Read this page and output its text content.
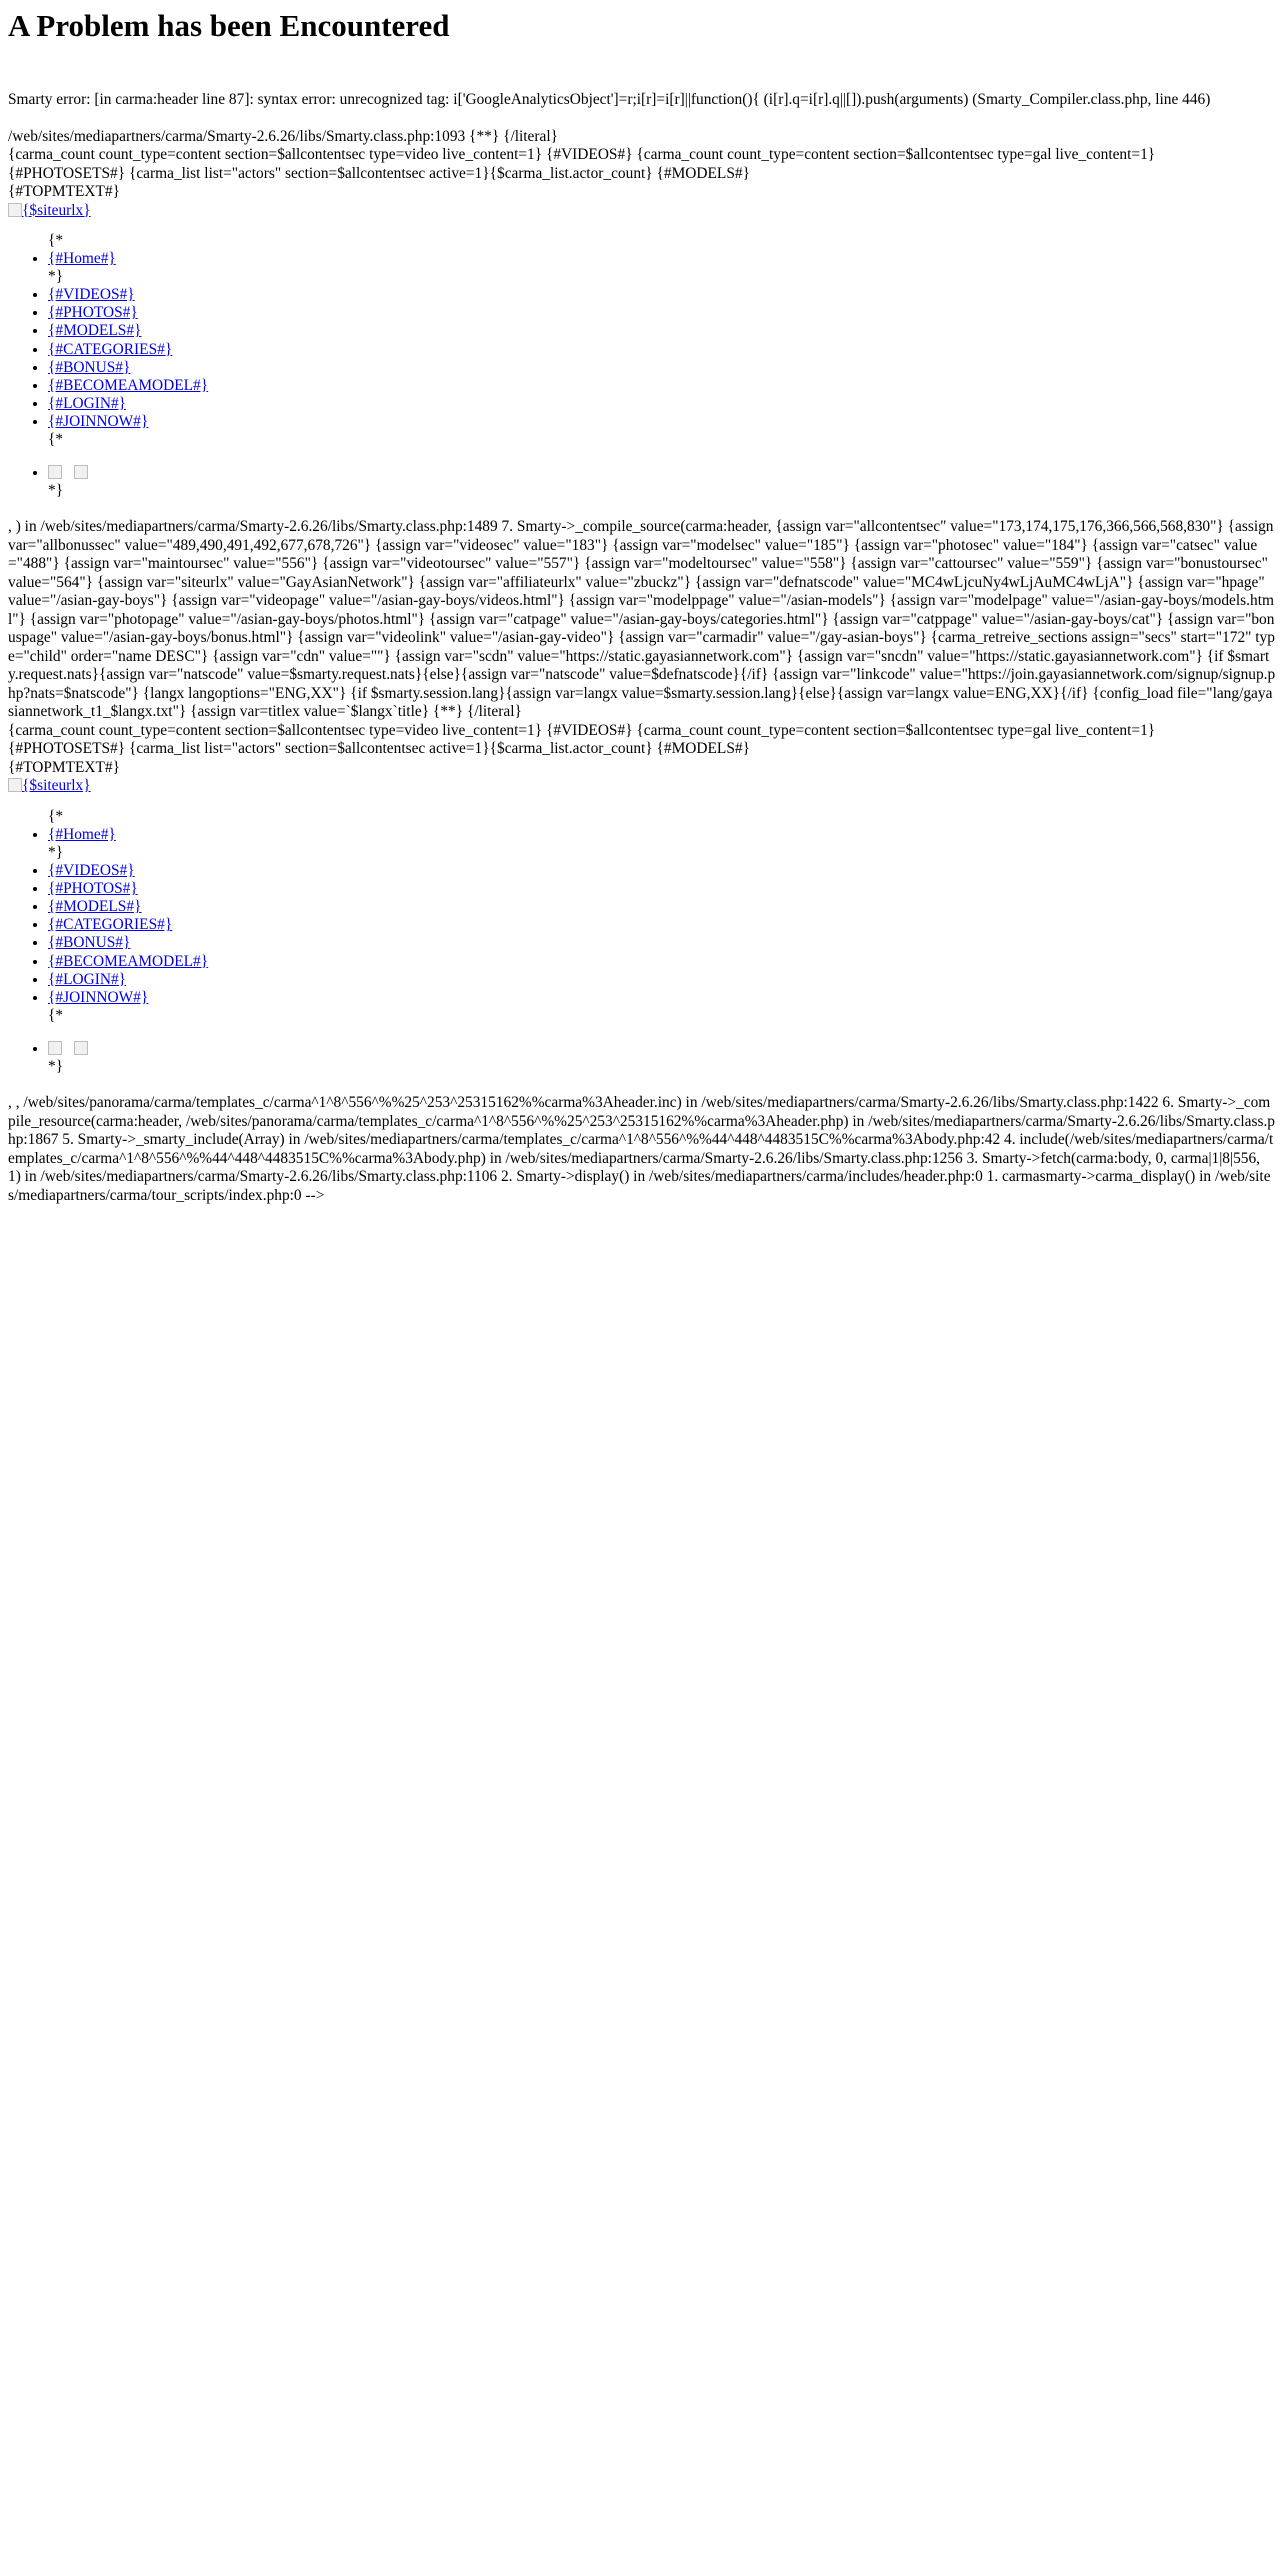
A Problem has been Encountered

Smarty error: [in carma:header line 87]: syntax error: unrecognized tag: i['GoogleAnalyticsObject']=r;i[r]=i[r]||function(){ (i[r].q=i[r].q||[]).push(arguments) (Smarty_Compiler.class.php, line 446)

/web/sites/mediapartners/carma/Smarty-2.6.26/libs/Smarty.class.php:1093 {**} {/literal}
{carma_count count_type=content section=$allcontentsec type=video live_content=1} {#VIDEOS#} {carma_count count_type=content section=$allcontentsec type=gal live_content=1}
{#PHOTOSETS#} {carma_list list="actors" section=$allcontentsec active=1}{$carma_list.actor_count} {#MODELS#}
{#TOPMTEXT#}
{$siteurlx}
{*
• {#Home#}
*}
• {#VIDEOS#}
• {#PHOTOS#}
• {#MODELS#}
• {#CATEGORIES#}
• {#BONUS#}
• {#BECOMEAMODEL#}
• {#LOGIN#}
• {#JOINNOW#}
{*
•
*}

, ) in /web/sites/mediapartners/carma/Smarty-2.6.26/libs/Smarty.class.php:1489 7. Smarty->_compile_source(carma:header, {assign var="allcontentsec" value="173,174,175,176,366,566,568,830"} {assign var="allbonussec" value="489,490,491,492,677,678,726"} {assign var="videosec" value="183"} {assign var="modelsec" value="185"} {assign var="photosec" value="184"} {assign var="catsec" value="488"} {assign var="maintoursec" value="556"} {assign var="videotoursec" value="557"} {assign var="modeltoursec" value="558"} {assign var="cattoursec" value="559"} {assign var="bonustoursec" value="564"} {assign var="siteurlx" value="GayAsianNetwork"} {assign var="affiliateurlx" value="zbuckz"} {assign var="defnatscode" value="MC4wLjcuNy4wLjAuMC4wLjA"} {assign var="hpage" value="/asian-gay-boys"} {assign var="videopage" value="/asian-gay-boys/videos.html"} {assign var="modelppage" value="/asian-models"} {assign var="modelpage" value="/asian-gay-boys/models.html"} {assign var="photopage" value="/asian-gay-boys/photos.html"} {assign var="catpage" value="/asian-gay-boys/categories.html"} {assign var="catppage" value="/asian-gay-boys/cat"} {assign var="bonuspage" value="/asian-gay-boys/bonus.html"} {assign var="videolink" value="/asian-gay-video"} {assign var="carmadir" value="/gay-asian-boys"} {carma_retreive_sections assign="secs" start="172" type="child" order="name DESC"} {assign var="cdn" value=""} {assign var="scdn" value="https://static.gayasiannetwork.com"} {assign var="sncdn" value="https://static.gayasiannetwork.com"} {if $smarty.request.nats}{assign var="natscode" value=$smarty.request.nats}{else}{assign var="natscode" value=$defnatscode}{/if} {assign var="linkcode" value="https://join.gayasiannetwork.com/signup/signup.php?nats=$natscode"} {langx langoptions="ENG,XX"} {if $smarty.session.lang}{assign var=langx value=$smarty.session.lang}{else}{assign var=langx value=ENG,XX}{/if} {config_load file="lang/gayasiannetwork_t1_$langx.txt"} {assign var=titlex value=`$langx`title} {**} {/literal}

{carma_count count_type=content section=$allcontentsec type=video live_content=1} {#VIDEOS#} {carma_count count_type=content section=$allcontentsec type=gal live_content=1}
{#PHOTOSETS#} {carma_list list="actors" section=$allcontentsec active=1}{$carma_list.actor_count} {#MODELS#}
{#TOPMTEXT#}
{$siteurlx}
{*
• {#Home#}
*}
• {#VIDEOS#}
• {#PHOTOS#}
• {#MODELS#}
• {#CATEGORIES#}
• {#BONUS#}
• {#BECOMEAMODEL#}
• {#LOGIN#}
• {#JOINNOW#}
{*
•
*}

, , /web/sites/panorama/carma/templates_c/carma^1^8^556^%%25^253^25315162%%carma%3Aheader.inc) in /web/sites/mediapartners/carma/Smarty-2.6.26/libs/Smarty.class.php:1422 6. Smarty->_compile_resource(carma:header, /web/sites/panorama/carma/templates_c/carma^1^8^556^%%25^253^25315162%%carma%3Aheader.php) in /web/sites/mediapartners/carma/Smarty-2.6.26/libs/Smarty.class.php:1867 5. Smarty->_smarty_include(Array) in /web/sites/mediapartners/carma/templates_c/carma^1^8^556^%%44^448^4483515C%%carma%3Abody.php:42 4. include(/web/sites/mediapartners/carma/templates_c/carma^1^8^556^%%44^448^4483515C%%carma%3Abody.php) in /web/sites/mediapartners/carma/Smarty-2.6.26/libs/Smarty.class.php:1256 3. Smarty->fetch(carma:body, 0, carma|1|8|556, 1) in /web/sites/mediapartners/carma/Smarty-2.6.26/libs/Smarty.class.php:1106 2. Smarty->display() in /web/sites/mediapartners/carma/includes/header.php:0 1. carmasmarty->carma_display() in /web/sites/mediapartners/carma/tour_scripts/index.php:0 -->
